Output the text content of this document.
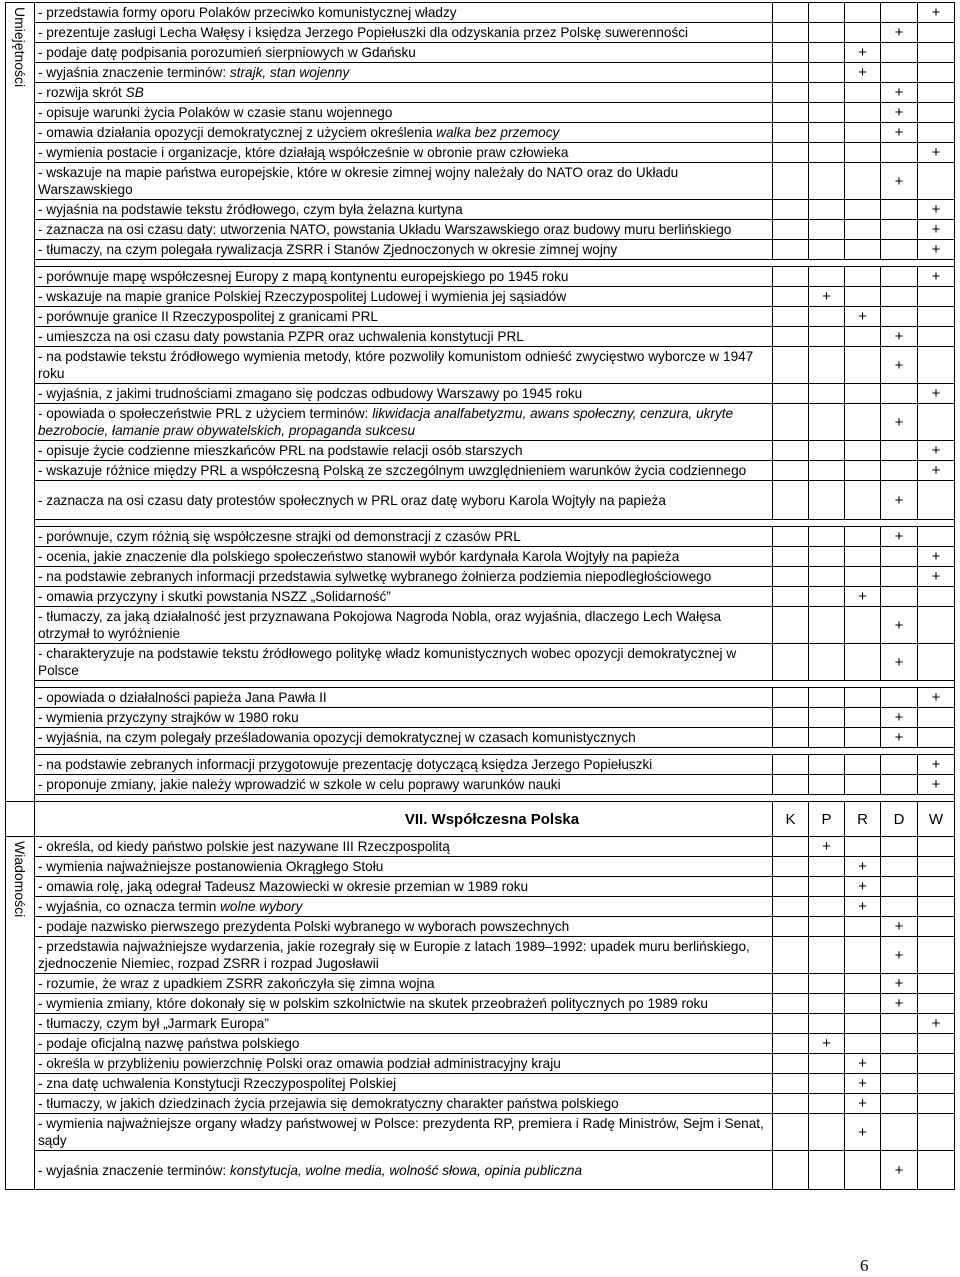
Umiejętności	- przedstawia formy oporu Polaków przeciwko komunistycznej władzy					+
	- prezentuje zasługi Lecha Wałęsy i księdza Jerzego Popiełuszki dla odzyskania przez Polskę suwerenności				+	
	- podaje datę podpisania porozumień sierpniowych w Gdańsku			+		
	- wyjaśnia znaczenie terminów: strajk, stan wojenny			+		
	- rozwija skrót SB				+	
	- opisuje warunki życia Polaków w czasie stanu wojennego				+	
	- omawia działania opozycji demokratycznej z użyciem określenia walka bez przemocy				+	
	- wymienia postacie i organizacje, które działają współcześnie w obronie praw człowieka					+
	- wskazuje na mapie państwa europejskie, które w okresie zimnej wojny należały do NATO oraz do Układu Warszawskiego				+	
	- wyjaśnia na podstawie tekstu źródłowego, czym była żelazna kurtyna					+
	- zaznacza na osi czasu daty: utworzenia NATO, powstania Układu Warszawskiego oraz budowy muru berlińskiego					+
	- tłumaczy, na czym polegała rywalizacja ZSRR i Stanów Zjednoczonych w okresie zimnej wojny					+

	- porównuje mapę współczesnej Europy z mapą kontynentu europejskiego po 1945 roku					+
	- wskazuje na mapie granice Polskiej Rzeczypospolitej Ludowej i wymienia jej sąsiadów		+			
	- porównuje granice II Rzeczypospolitej z granicami PRL			+		
	- umieszcza na osi czasu daty powstania PZPR oraz uchwalenia konstytucji PRL				+	
	- na podstawie tekstu źródłowego wymienia metody, które pozwoliły komunistom odnieść zwycięstwo wyborcze w 1947 roku				+	
	- wyjaśnia, z jakimi trudnościami zmagano się podczas odbudowy Warszawy po 1945 roku					+
	- opowiada o społeczeństwie PRL z użyciem terminów: likwidacja analfabetyzmu, awans społeczny, cenzura, ukryte bezrobocie, łamanie praw obywatelskich, propaganda sukcesu				+	
	- opisuje życie codzienne mieszkańców PRL na podstawie relacji osób starszych					+
	- wskazuje różnice między PRL a współczesną Polską ze szczególnym uwzględnieniem warunków życia codziennego					+
	- zaznacza na osi czasu daty protestów społecznych w PRL oraz datę wyboru Karola Wojtyły na papieża				+	

	- porównuje, czym różnią się współczesne strajki od demonstracji z czasów PRL				+	
	- ocenia, jakie znaczenie dla polskiego społeczeństwo stanowił wybór kardynała Karola Wojtyły na papieża					+
	- na podstawie zebranych informacji przedstawia sylwetkę wybranego żołnierza podziemia niepodległościowego					+
	- omawia przyczyny i skutki powstania NSZZ „Solidarność”			+		
	- tłumaczy, za jaką działalność jest przyznawana Pokojowa Nagroda Nobla, oraz wyjaśnia, dlaczego Lech Wałęsa otrzymał to wyróżnienie				+	
	- charakteryzuje na podstawie tekstu źródłowego politykę władz komunistycznych wobec opozycji demokratycznej w Polsce				+	

	- opowiada o działalności papieża Jana Pawła II					+
	- wymienia przyczyny strajków w 1980 roku				+	
	- wyjaśnia, na czym polegały prześladowania opozycji demokratycznej w czasach komunistycznych				+	

	- na podstawie zebranych informacji przygotowuje prezentację dotyczącą księdza Jerzego Popiełuszki					+
	- proponuje zmiany, jakie należy wprowadzić w szkole w celu poprawy warunków nauki					+

	VII. Współczesna Polska	K	P	R	D	W

Wiadomości	- określa, od kiedy państwo polskie jest nazywane III Rzeczpospolitą		+			
	- wymienia najważniejsze postanowienia Okrągłego Stołu			+		
	- omawia rolę, jaką odegrał Tadeusz Mazowiecki w okresie przemian w 1989 roku			+		
	- wyjaśnia, co oznacza termin wolne wybory			+		
	- podaje nazwisko pierwszego prezydenta Polski wybranego w wyborach powszechnych				+	
	- przedstawia najważniejsze wydarzenia, jakie rozegrały się w Europie z latach 1989–1992: upadek muru berlińskiego, zjednoczenie Niemiec, rozpad ZSRR i rozpad Jugosławii				+	
	- rozumie, że wraz z upadkiem ZSRR zakończyła się zimna wojna				+	
	- wymienia zmiany, które dokonały się w polskim szkolnictwie na skutek przeobrażeń politycznych po 1989 roku				+	
	- tłumaczy, czym był „Jarmark Europa”					+
	- podaje oficjalną nazwę państwa polskiego		+			
	- określa w przybliżeniu powierzchnię Polski oraz omawia podział administracyjny kraju			+		
	- zna datę uchwalenia Konstytucji Rzeczypospolitej Polskiej			+		
	- tłumaczy, w jakich dziedzinach życia przejawia się demokratyczny charakter państwa polskiego			+		
	- wymienia najważniejsze organy władzy państwowej w Polsce: prezydenta RP, premiera i Radę Ministrów, Sejm i Senat, sądy			+		
	- wyjaśnia znaczenie terminów: konstytucja, wolne media, wolność słowa, opinia publiczna				+	
6
